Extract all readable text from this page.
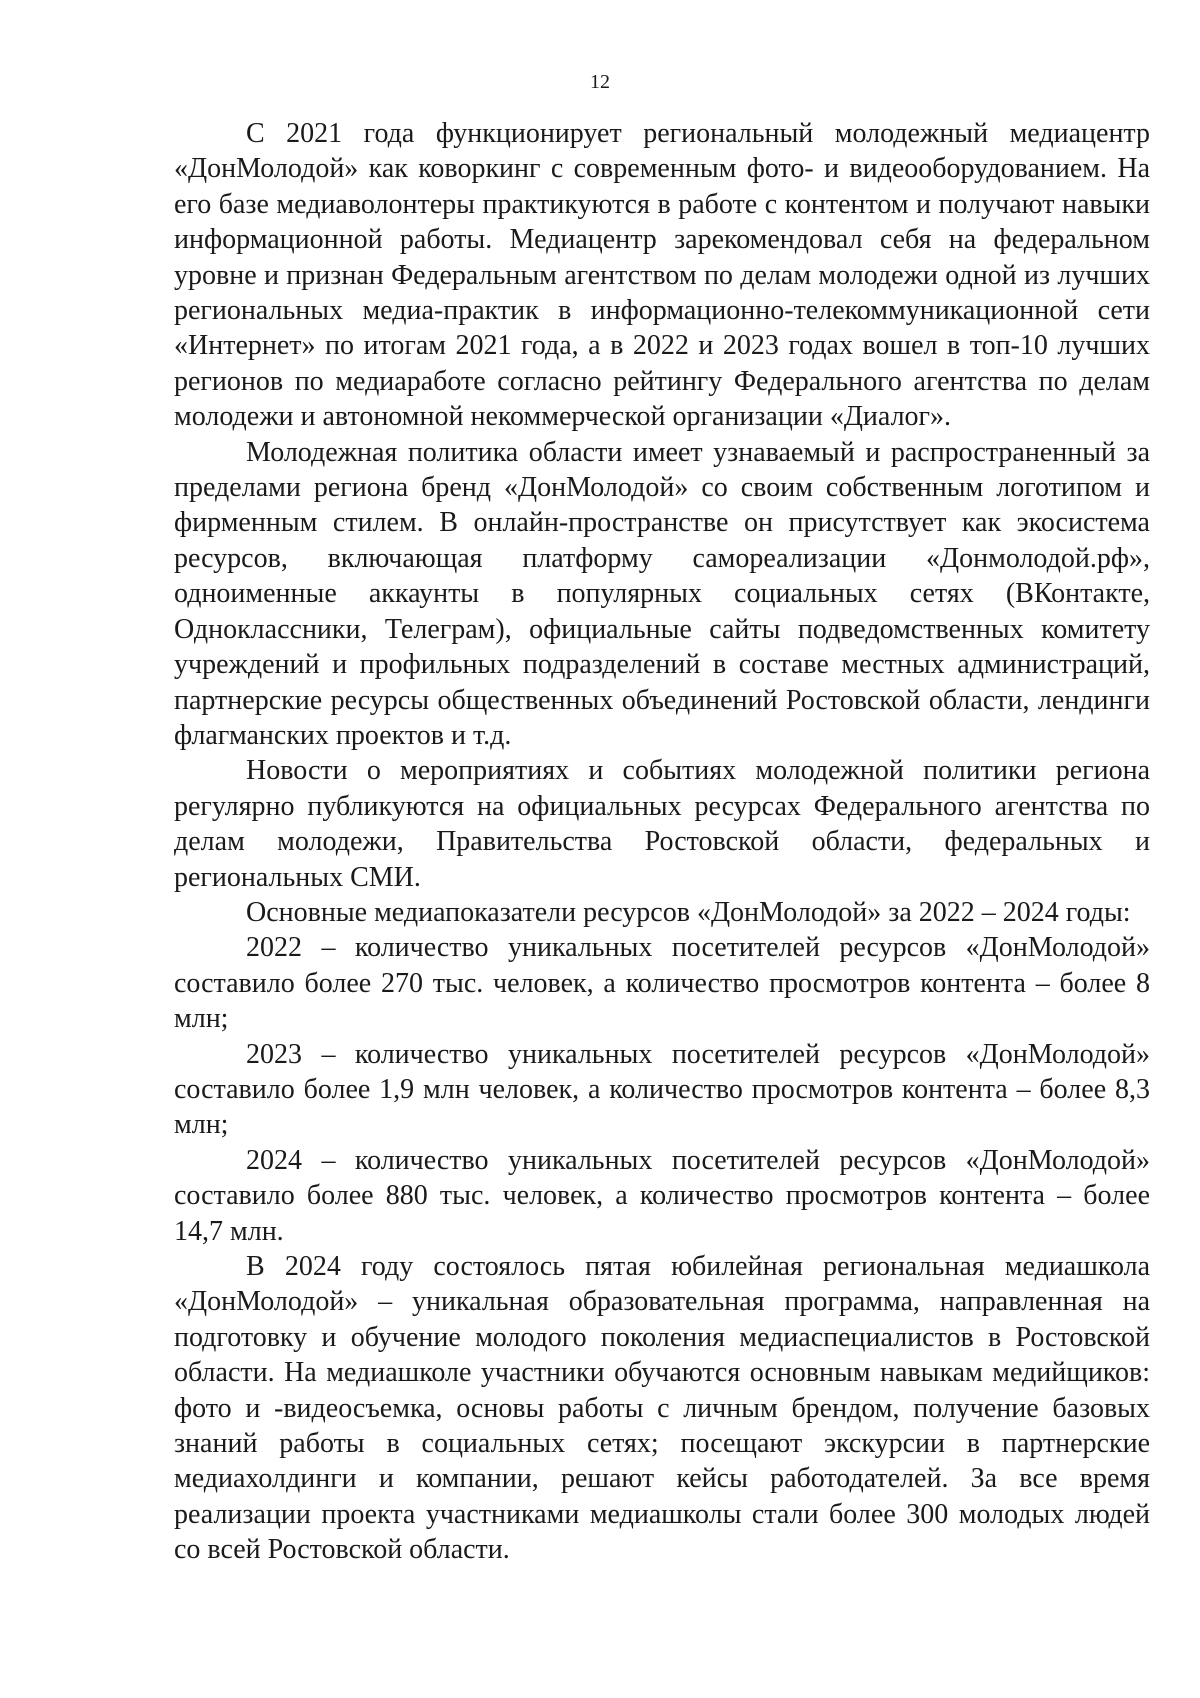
12

С 2021 года функционирует региональный молодежный медиацентр «ДонМолодой» как коворкинг с современным фото- и видеооборудованием. На его базе медиаволонтеры практикуются в работе с контентом и получают навыки информационной работы. Медиацентр зарекомендовал себя на федеральном уровне и признан Федеральным агентством по делам молодежи одной из лучших региональных медиа-практик в информационно-телекоммуникационной сети «Интернет» по итогам 2021 года, а в 2022 и 2023 годах вошел в топ-10 лучших регионов по медиаработе согласно рейтингу Федерального агентства по делам молодежи и автономной некоммерческой организации «Диалог».

Молодежная политика области имеет узнаваемый и распространенный за пределами региона бренд «ДонМолодой» со своим собственным логотипом и фирменным стилем. В онлайн-пространстве он присутствует как экосистема ресурсов, включающая платформу самореализации «Донмолодой.рф», одноименные аккаунты в популярных социальных сетях (ВКонтакте, Одноклассники, Телеграм), официальные сайты подведомственных комитету учреждений и профильных подразделений в составе местных администраций, партнерские ресурсы общественных объединений Ростовской области, лендинги флагманских проектов и т.д.

Новости о мероприятиях и событиях молодежной политики региона регулярно публикуются на официальных ресурсах Федерального агентства по делам молодежи, Правительства Ростовской области, федеральных и региональных СМИ.

Основные медиапоказатели ресурсов «ДонМолодой» за 2022 – 2024 годы:

2022 – количество уникальных посетителей ресурсов «ДонМолодой» составило более 270 тыс. человек, а количество просмотров контента – более 8 млн;

2023 – количество уникальных посетителей ресурсов «ДонМолодой» составило более 1,9 млн человек, а количество просмотров контента – более 8,3 млн;

2024 – количество уникальных посетителей ресурсов «ДонМолодой» составило более 880 тыс. человек, а количество просмотров контента – более 14,7 млн.

В 2024 году состоялось пятая юбилейная региональная медиашкола «ДонМолодой» – уникальная образовательная программа, направленная на подготовку и обучение молодого поколения медиаспециалистов в Ростовской области. На медиашколе участники обучаются основным навыкам медийщиков: фото и -видеосъемка, основы работы с личным брендом, получение базовых знаний работы в социальных сетях; посещают экскурсии в партнерские медиахолдинги и компании, решают кейсы работодателей. За все время реализации проекта участниками медиашколы стали более 300 молодых людей со всей Ростовской области.
